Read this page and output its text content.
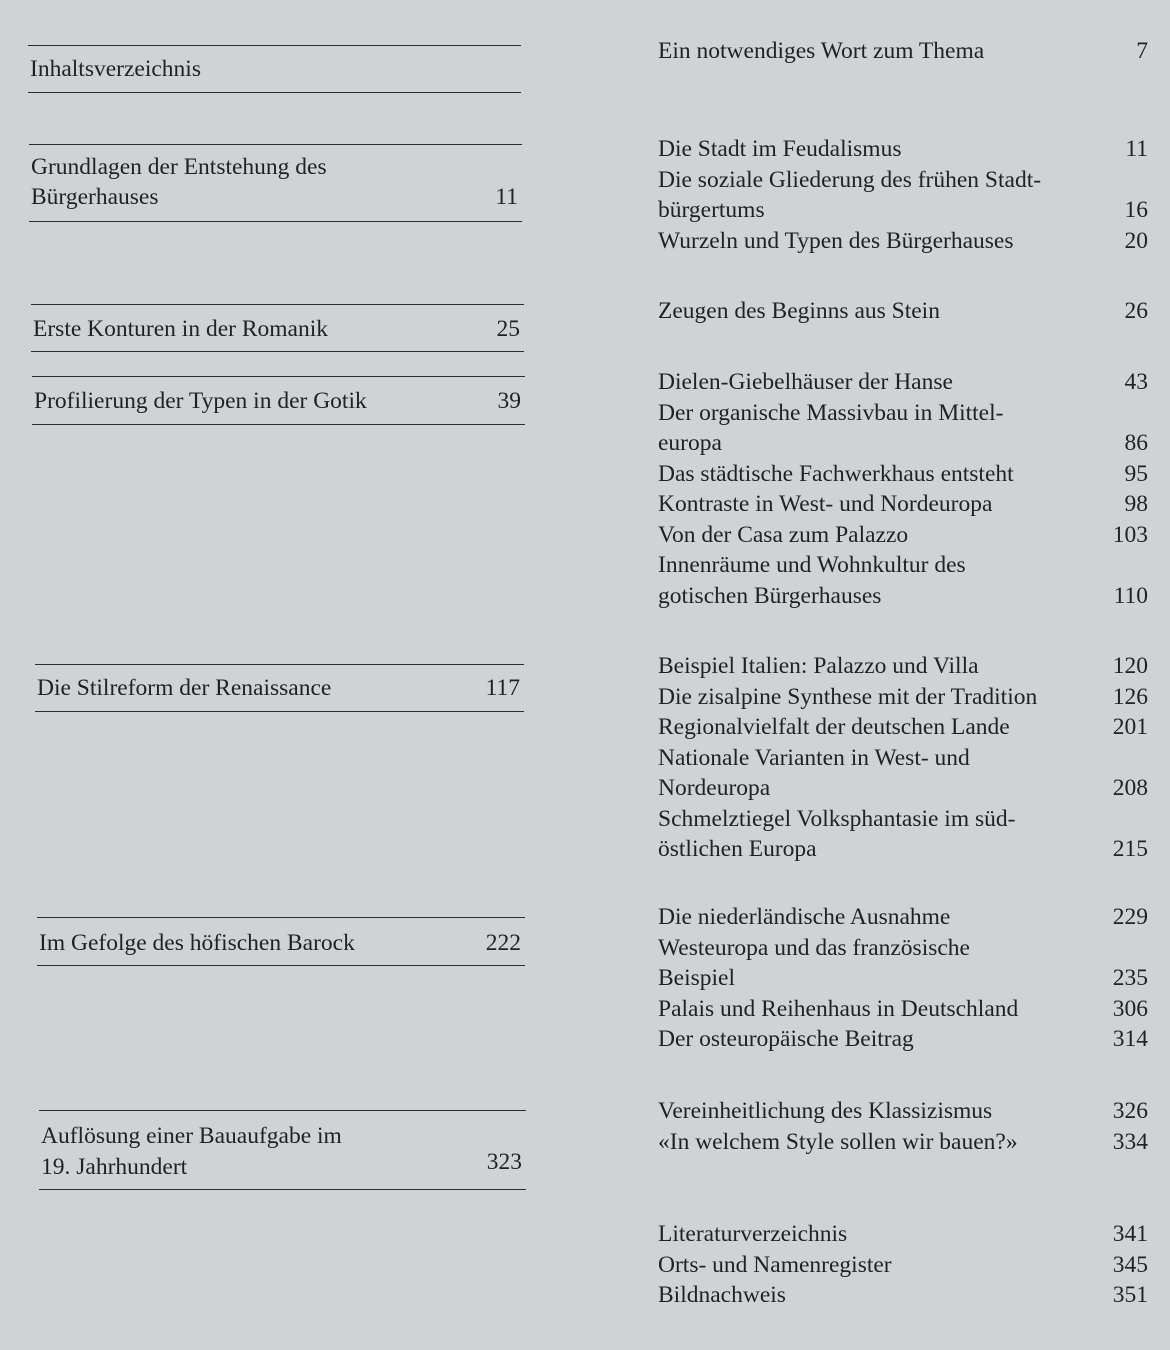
Inhaltsverzeichnis
Grundlagen der Entstehung des
Bürgerhauses	11
Erste Konturen in der Romanik	25
Profilierung der Typen in der Gotik	39
Die Stilreform der Renaissance	117
Im Gefolge des höfischen Barock	222
Auflösung einer Bauaufgabe im
19. Jahrhundert	323
Ein notwendiges Wort zum Thema	7
Die Stadt im Feudalismus	11
Die soziale Gliederung des frühen Stadt-
bürgertums	16
Wurzeln und Typen des Bürgerhauses	20
Zeugen des Beginns aus Stein	26
Dielen-Giebelhäuser der Hanse	43
Der organische Massivbau in Mittel-
europa	86
Das städtische Fachwerkhaus entsteht	95
Kontraste in West- und Nordeuropa	98
Von der Casa zum Palazzo	103
Innenräume und Wohnkultur des
gotischen Bürgerhauses	110
Beispiel Italien: Palazzo und Villa	120
Die zisalpine Synthese mit der Tradition	126
Regionalvielfalt der deutschen Lande	201
Nationale Varianten in West- und
Nordeuropa	208
Schmelztiegel Volksphantasie im süd-
östlichen Europa	215
Die niederländische Ausnahme	229
Westeuropa und das französische
Beispiel	235
Palais und Reihenhaus in Deutschland	306
Der osteuropäische Beitrag	314
Vereinheitlichung des Klassizismus	326
«In welchem Style sollen wir bauen?»	334
Literaturverzeichnis	341
Orts- und Namenregister	345
Bildnachweis	351
